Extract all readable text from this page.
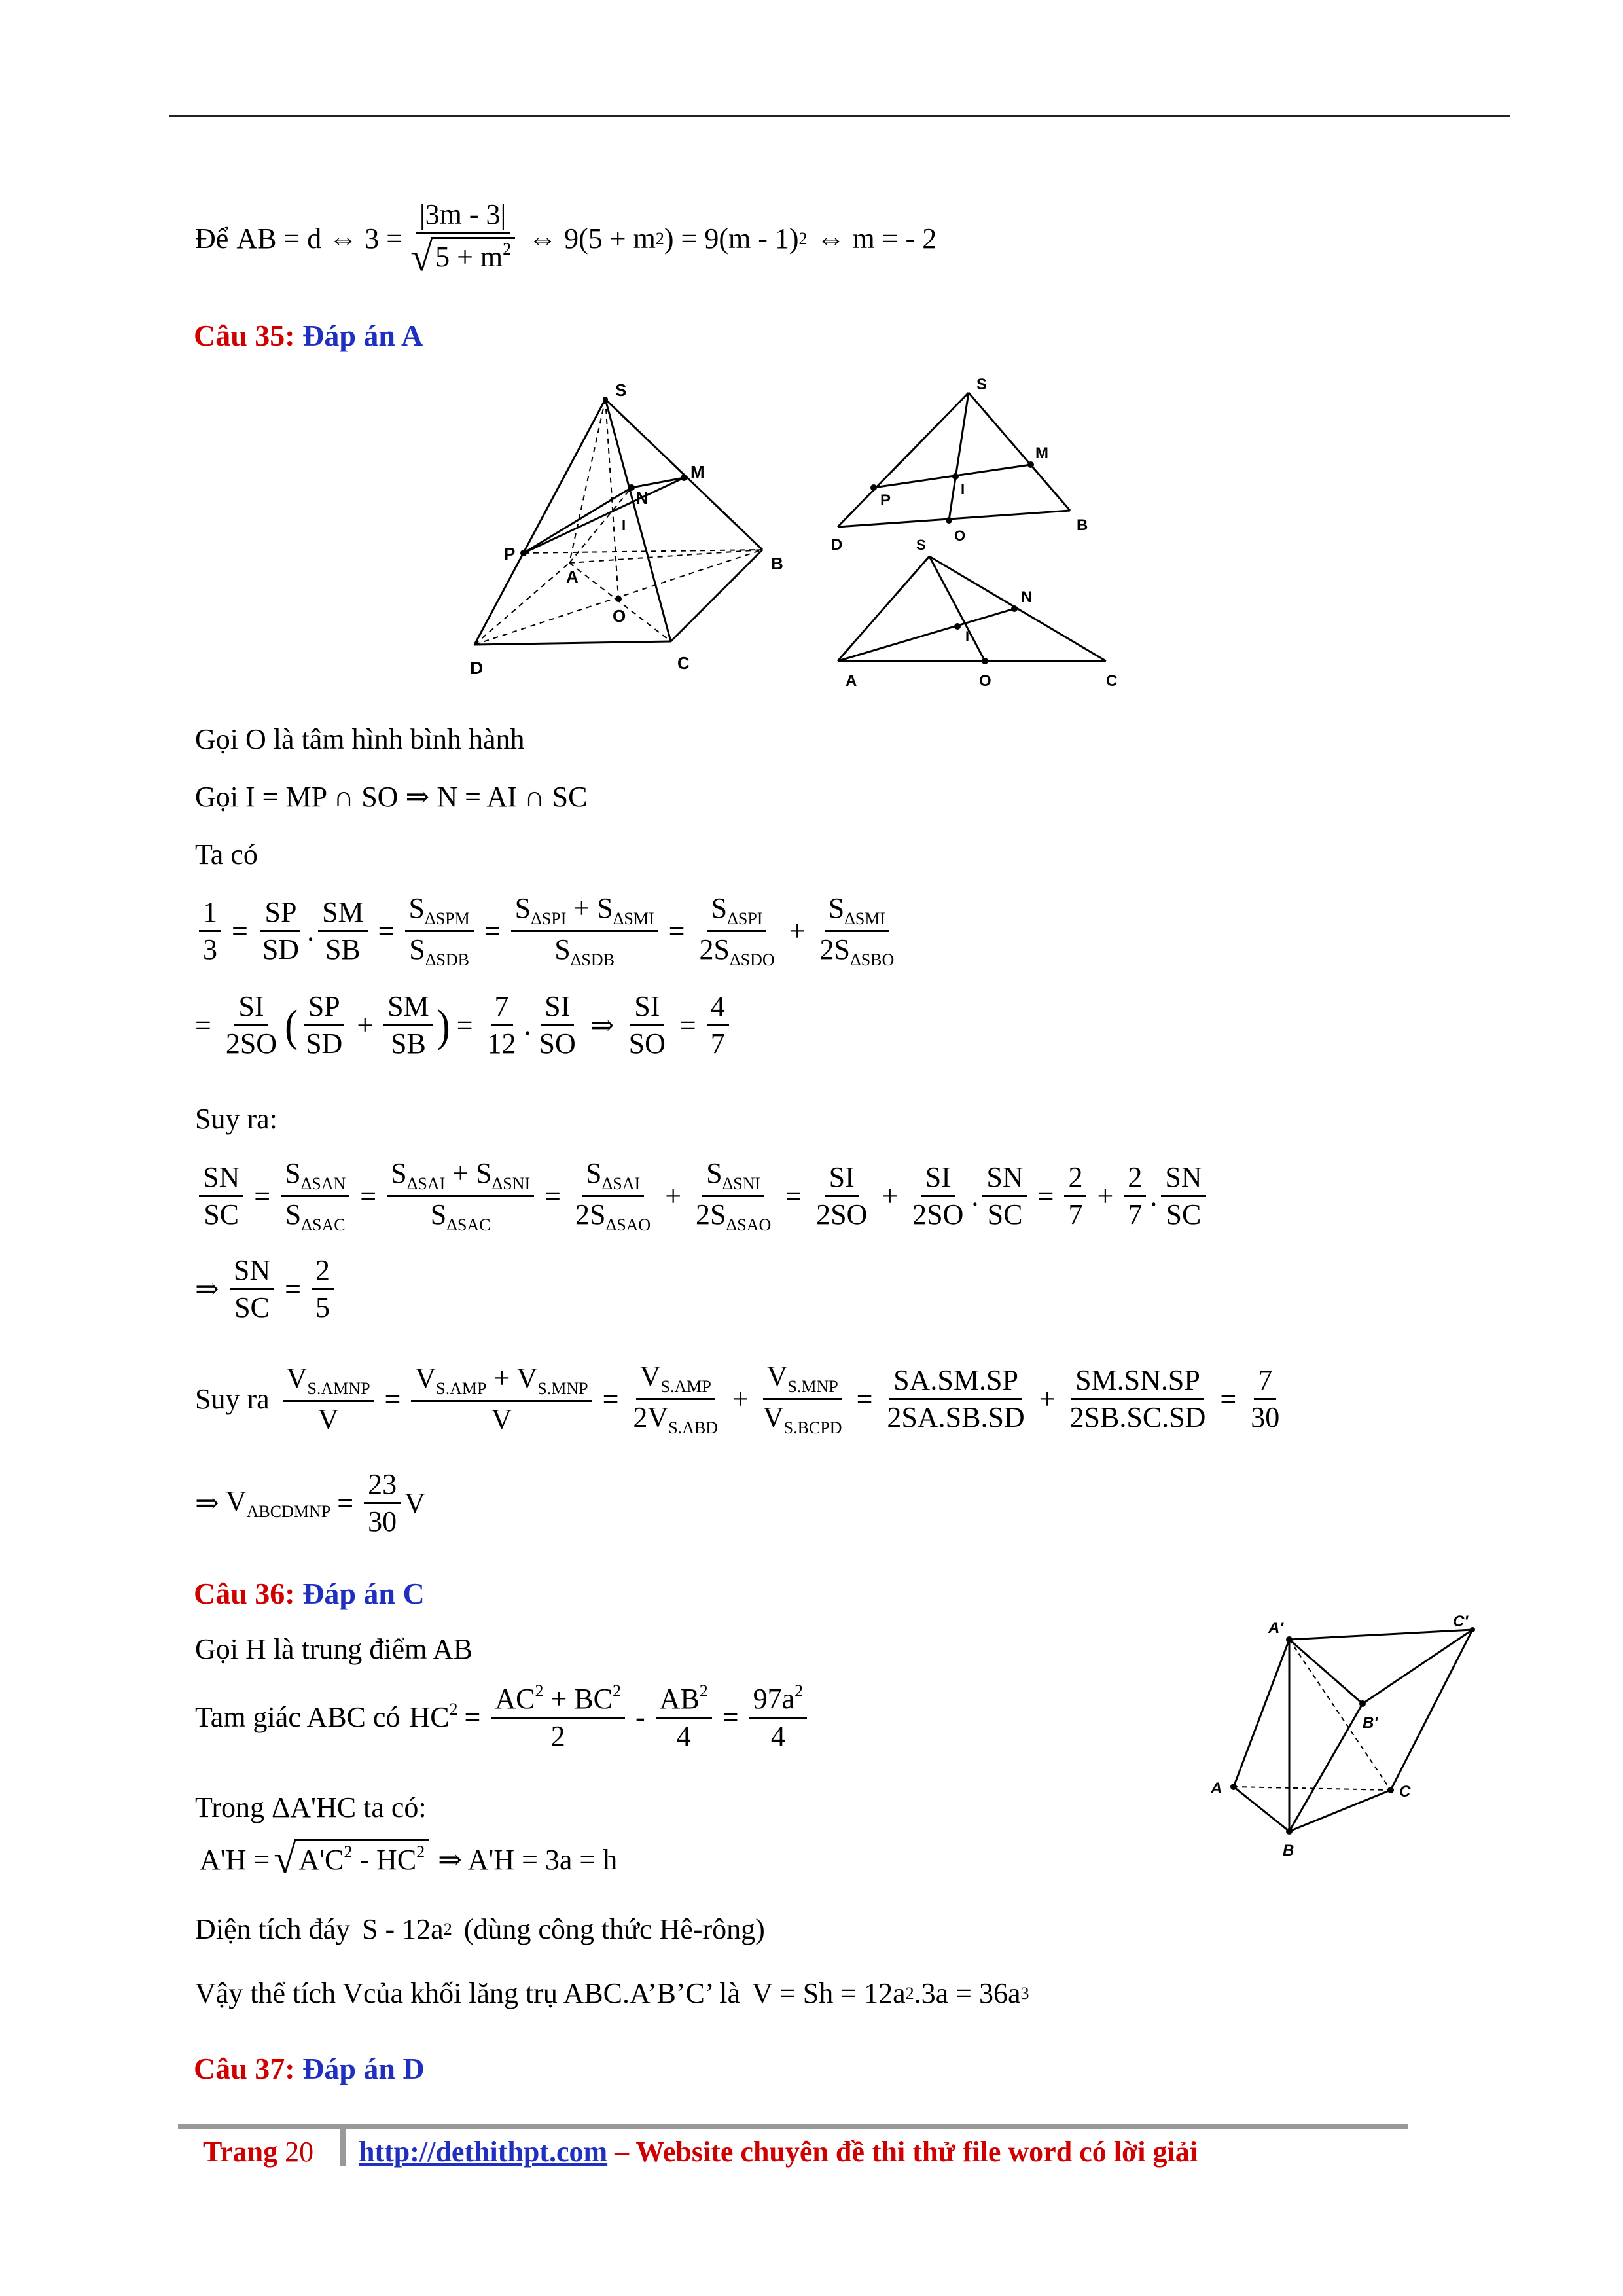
Để AB = d ⇔ $3 = \frac{|3m - 3|}{√ 5 + m^2}$ ⇔ 9(5 + m 2 ) = 9(m - 1) 2 ⇔ m = - 2
Câu 35: Đáp án A
S
M
N
I
P
A
O
B
C
D
S
M
I
P
D
O
B
S
N
I
A	O	C
Gọi O là tâm hình bình hành
Gọi I = MP ∩ SO ⇒ N = AI ∩ SC
Ta có
$\frac{1}{3} = \frac{SP}{SD}$ . $\frac{SM}{SB} = \frac{S_{\Delta SPM}}{S_{\Delta SDB}} = \frac{S_{\Delta SPI} + S_{\Delta SMI}}{S_{\Delta SDB}} = \frac{S_{\Delta SPI}}{2S_{\Delta SDO}} + \frac{S_{\Delta SMI}}{2S_{\Delta SBO}}$
= $\frac{SI}{2SO}$ ( $\frac{SP}{SD} + \frac{SM}{SB}$ ) = $\frac{7}{12}$ . $\frac{SI}{SO}$ ⇒ $\frac{SI}{SO} = \frac{4}{7}$
Suy ra:
$\frac{SN}{SC} = \frac{S_{\Delta SAN}}{S_{\Delta SAC}} = \frac{S_{\Delta SAI} + S_{\Delta SNI}}{S_{\Delta SAC}} = \frac{S_{\Delta SAI}}{2S_{\Delta SAO}} + \frac{S_{\Delta SNI}}{2S_{\Delta SAO}} = \frac{SI}{2SO} + \frac{SI}{2SO}$ . $\frac{SN}{SC} = \frac{2}{7} + \frac{2}{7}$ . $\frac{SN}{SC}$
⇒ $\frac{SN}{SC} = \frac{2}{5}$
Suy ra $\frac{V_{S.AMNP}}{V} = \frac{V_{S.AMP} + V_{S.MNP}}{V} = \frac{V_{S.AMP}}{2V_{S.ABD}} + \frac{V_{S.MNP}}{V_{S.BCPD}} = \frac{SA.SM.SP}{2SA.SB.SD} + \frac{SM.SN.SP}{2SB.SC.SD} = \frac{7}{30}$
⇒ $V_{ABCDMNP} = \frac{23}{30}$ V
Câu 36: Đáp án C
A'	C'
B'
A
B
C
Gọi H là trung điểm AB
Tam giác ABC có $HC^2 = \frac{AC^2 + BC^2}{2} - \frac{AB^2}{4} = \frac{97a^2}{4}$
Trong ΔA'HC ta có:
A'H = √ $A'C^2 - HC^2$ ⇒ A'H = 3a = h
Diện tích đáy S - 12a 2 (dùng công thức Hê-rông)
Vậy thể tích Vcủa khối lăng trụ ABC.A’B’C’ là V = Sh = 12a 2 .3a = 36a 3
Câu 37: Đáp án D
Trang 20 http://dethithpt.com – Website chuyên đề thi thử file word có lời giải
